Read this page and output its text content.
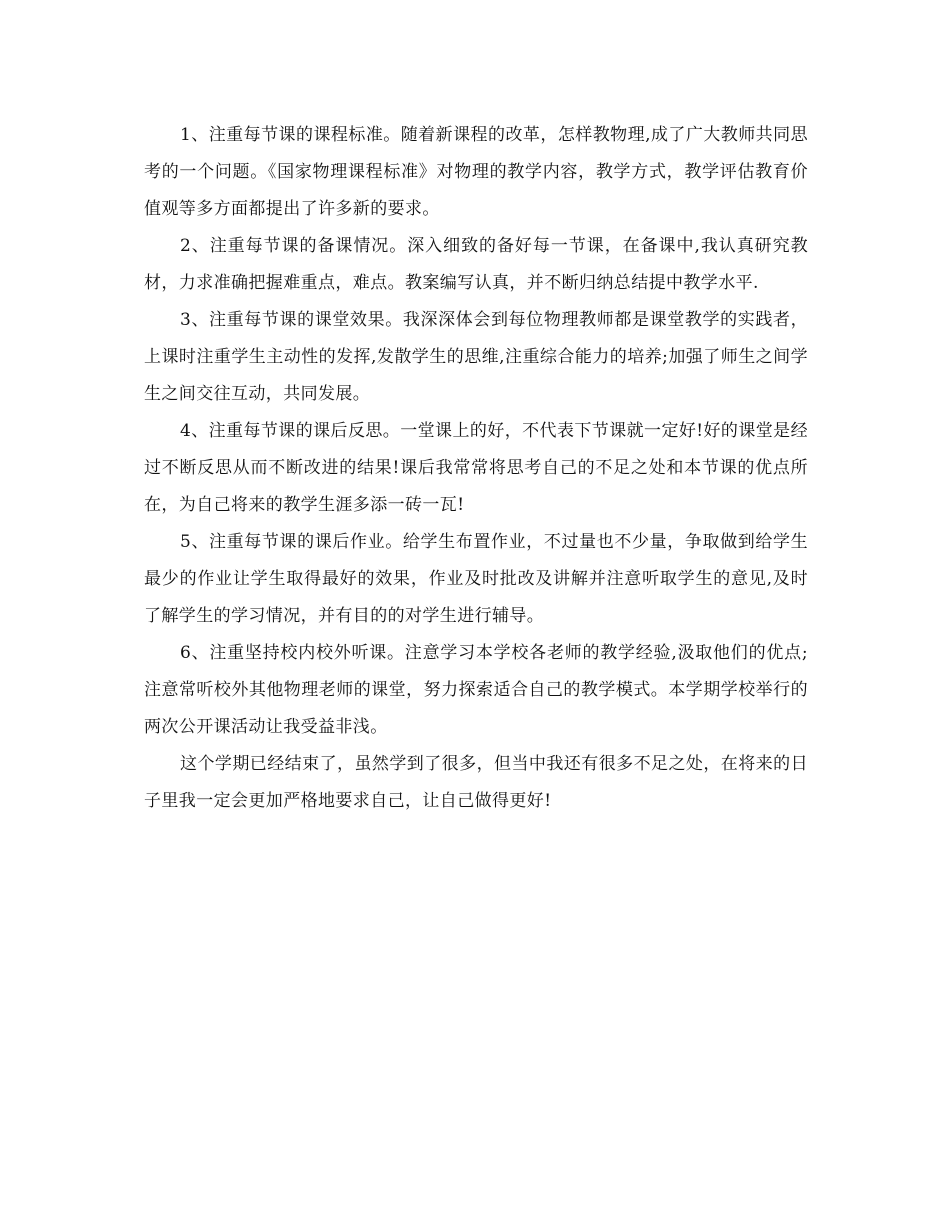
1、注重每节课的课程标准。随着新课程的改革，怎样教物理,成了广大教师共同思考的一个问题。《国家物理课程标准》对物理的教学内容，教学方式，教学评估教育价值观等多方面都提出了许多新的要求。

2、注重每节课的备课情况。深入细致的备好每一节课，在备课中,我认真研究教材，力求准确把握难重点，难点。教案编写认真，并不断归纳总结提中教学水平.

3、注重每节课的课堂效果。我深深体会到每位物理教师都是课堂教学的实践者，上课时注重学生主动性的发挥,发散学生的思维,注重综合能力的培养;加强了师生之间学生之间交往互动，共同发展。

4、注重每节课的课后反思。一堂课上的好，不代表下节课就一定好!好的课堂是经过不断反思从而不断改进的结果!课后我常常将思考自己的不足之处和本节课的优点所在，为自己将来的教学生涯多添一砖一瓦!

5、注重每节课的课后作业。给学生布置作业，不过量也不少量，争取做到给学生最少的作业让学生取得最好的效果，作业及时批改及讲解并注意听取学生的意见,及时了解学生的学习情况，并有目的的对学生进行辅导。

6、注重坚持校内校外听课。注意学习本学校各老师的教学经验,汲取他们的优点;注意常听校外其他物理老师的课堂，努力探索适合自己的教学模式。本学期学校举行的两次公开课活动让我受益非浅。

这个学期已经结束了，虽然学到了很多，但当中我还有很多不足之处，在将来的日子里我一定会更加严格地要求自己，让自己做得更好!
